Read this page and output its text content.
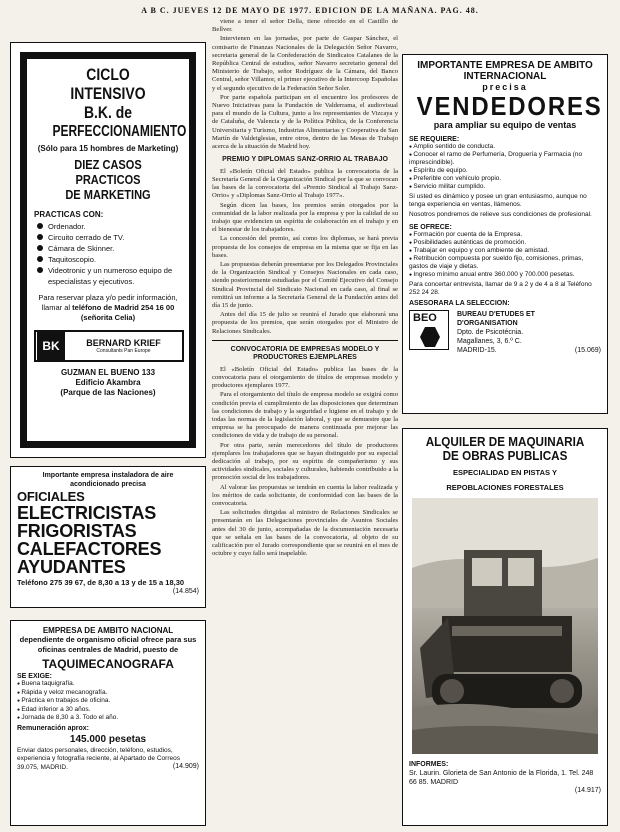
A B C. JUEVES 12 DE MAYO DE 1977. EDICION DE LA MAÑANA. PAG. 48.
CICLO INTENSIVO
B.K. de
PERFECCIONAMIENTO
(Sólo para 15 hombres de Marketing)
DIEZ CASOS PRACTICOS
DE MARKETING
PRACTICAS CON:
Ordenador.
Circuito cerrado de TV.
Cámara de Skinner.
Taquitoscopio.
Videotronic y un numeroso equipo de especialistas y ejecutivos.
Para reservar plaza y/o pedir información, llamar al teléfono de Madrid 254 16 00 (señorita Celia)
BK	BERNARD KRIEF
Consultants Pan Europe
GUZMAN EL BUENO 133
Edificio Akambra
(Parque de las Naciones)
Importante empresa instaladora de aire acondicionado precisa
OFICIALES
ELECTRICISTAS
FRIGORISTAS
CALEFACTORES
AYUDANTES
Teléfono 275 39 67, de 8,30 a 13 y de 15 a 18,30
(14.854)
EMPRESA DE AMBITO NACIONAL
dependiente de organismo oficial ofrece para sus oficinas centrales de Madrid, puesto de
TAQUIMECANOGRAFA
SE EXIGE:
● Buena taquigrafía.
● Rápida y veloz mecanografía.
● Práctica en trabajos de oficina.
● Edad inferior a 30 años.
● Jornada de 8,30 a 3. Todo el año.
Remuneración aprox:
145.000 pesetas
Enviar datos personales, dirección, teléfono, estudios, experiencia y fotografía reciente, al Apartado de Correos 39.075, MADRID.	(14.909)

viene a tener el señor Della, tiene ofrecido en el Castillo de Bellver.

Intervienen en las jornadas, por parte de Gaspar Sánchez, el comisario de Finanzas Nacionales de la Delegación Señor Navarro, secretaria general de la Confederación de Sindicatos Catalanes de la República Central de estudios, señor Navarro secretario general del Ministerio de Trabajo, señor Rodríguez de la Cámara, del Banco Central, señor Villamor, el primer ejecutivo de la Intercoop Españolas y el segundo ejecutivo de la Federación Señor Soler.

Por parte española participan en el encuentro los profesores de Nuevo Iniciativas para la Fundación de Valderrama, el audiovisual para el mundo de la Cultura, junto a los representantes de Vizcaya y de Cataluña, de Valencia y de la Política Pública, de la Conferencia Universitaria y Turismo, Industrias Alimentarias y Cooperativa de San Martín de Valdeiglesias, entre otros, dentro de las Mesas de Trabajo acerca de la situación de Madrid hoy.

PREMIO Y DIPLOMAS SANZ-ORRIO AL TRABAJO

El «Boletín Oficial del Estado» publica la convocatoria de la Secretaría General de la Organización Sindical por la que se convocan las bases de la convocatoria del «Premio Sindical al Trabajo Sanz-Orrio» y «Diplomas Sanz-Orrio al Trabajo 1977».

Según dicen las bases, los premios serán otorgados por la comunidad de la labor realizada por la empresa y por la calidad de su trabajo que evidencien un espíritu de colaboración en el trabajo y en el bienestar de los trabajadores.

La concesión del premio, así como los diplomas, se hará previa propuesta de los consejos de empresa en la misma que se fija en las bases.

Las propuestas deberán presentarse por los Delegados Provinciales de la Organización Sindical y Consejos Nacionales en cada caso, siendo posteriormente estudiadas por el Comité Ejecutivo del Consejo Sindical Provincial del Sindicato Nacional en cada caso, al final se remitirá un informe a la Secretaría General de la Fundación antes del día 15 de junio.

Antes del día 15 de julio se reunirá el Jurado que elaborará una propuesta de los premios, que serán otorgados por el Ministro de Relaciones Sindicales.

CONVOCATORIA DE EMPRESAS MODELO Y PRODUCTORES EJEMPLARES

El «Boletín Oficial del Estado» publica las bases de la convocatoria para el otorgamiento de títulos de empresas modelo y productores ejemplares 1977.

Para el otorgamiento del título de empresa modelo se exigirá como condición previa el cumplimiento de las disposiciones que determinan las condiciones de trabajo y la seguridad e higiene en el trabajo y de todas las normas de la legislación laboral, y que se demuestre que la empresa se ha preocupado de manera continuada por mejorar las condiciones de vida y de trabajo de su personal.

Por otra parte, serán merecedores del título de productores ejemplares los trabajadores que se hayan distinguido por su especial dedicación al trabajo, por su espíritu de compañerismo y sus actividades sindicales, sociales y culturales, habiendo contribuido a la promoción social de los trabajadores.

Al valorar las propuestas se tendrán en cuenta la labor realizada y los méritos de cada solicitante, de conformidad con las bases de la convocatoria.

Las solicitudes dirigidas al ministro de Relaciones Sindicales se presentarán en las Delegaciones provinciales de Asuntos Sociales antes del 30 de junio, acompañadas de la documentación necesaria que se señala en las bases de la convocatoria, al objeto de su calificación por el Jurado correspondiente que se reunirá en el mes de octubre y cuyo fallo será inapelable.

IMPORTANTE EMPRESA DE AMBITO INTERNACIONAL
precisa
VENDEDORES
para ampliar su equipo de ventas
SE REQUIERE:
● Amplio sentido de conducta.
● Conocer el ramo de Perfumería, Droguería y Farmacia (no imprescindible).
● Espíritu de equipo.
● Preferible con vehículo propio.
● Servicio militar cumplido.
Si usted es dinámico y posee un gran entusiasmo, aunque no tenga experiencia en ventas, llámenos.
Nosotros pondremos de relieve sus condiciones de profesional.
SE OFRECE:
● Formación por cuenta de la Empresa.
● Posibilidades auténticas de promoción.
● Trabajar en equipo y con ambiente de amistad.
● Retribución compuesta por sueldo fijo, comisiones, primas, gastos de viaje y dietas.
● Ingreso mínimo anual entre 360.000 y 700.000 pesetas.
Para concertar entrevista, llamar de 9 a 2 y de 4 a 8 al Teléfono 252 24 28.
ASESORARA LA SELECCION:
BEO	BUREAU D'ETUDES ET
D'ORGANISATION
Dpto. de Psicotécnia.
Magallanes, 3, 6.º C.
MADRID-15.	(15.069)
ALQUILER DE MAQUINARIA
DE OBRAS PUBLICAS
ESPECIALIDAD EN PISTAS Y
REPOBLACIONES FORESTALES
INFORMES:
Sr. Laurin. Glorieta de San Antonio de la Florida, 1. Tel. 248 66 85. MADRID
(14.917)
